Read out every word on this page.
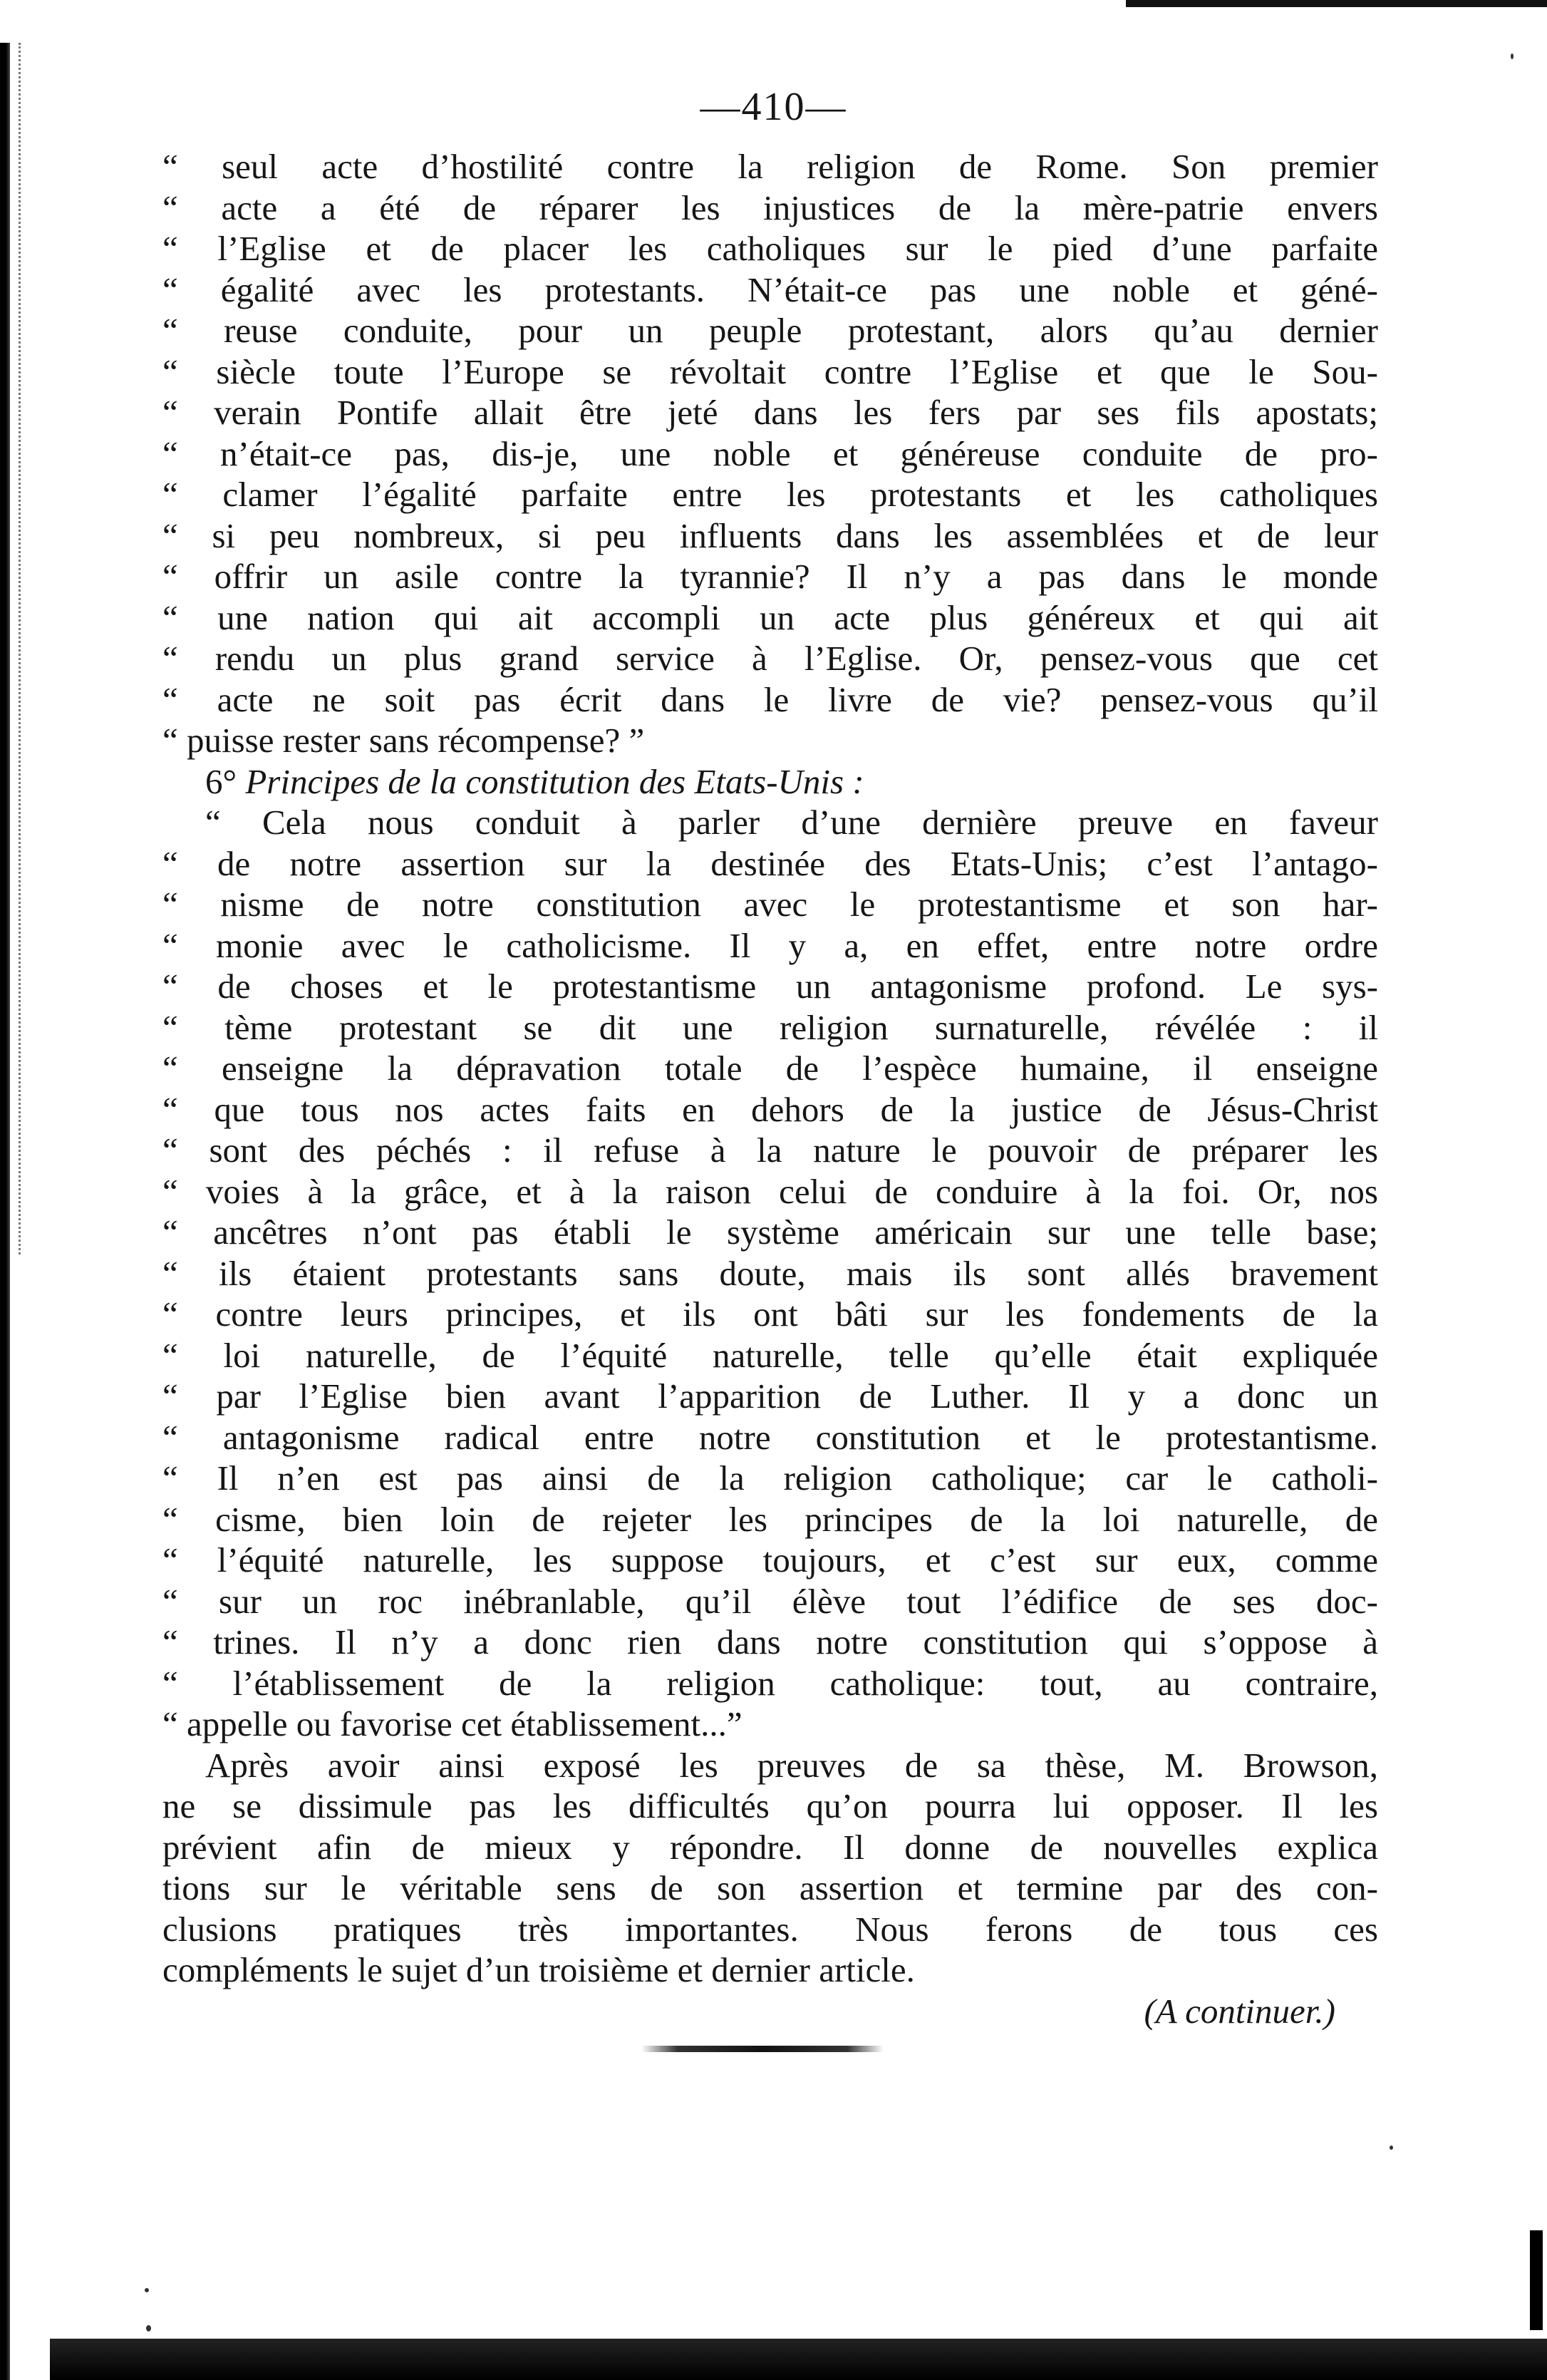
—410—
“ seul acte d’hostilité contre la religion de Rome. Son premier
“ acte a été de réparer les injustices de la mère-patrie envers
“ l’Eglise et de placer les catholiques sur le pied d’une parfaite
“ égalité avec les protestants. N’était-ce pas une noble et géné-
“ reuse conduite, pour un peuple protestant, alors qu’au dernier
“ siècle toute l’Europe se révoltait contre l’Eglise et que le Sou-
“ verain Pontife allait être jeté dans les fers par ses fils apostats;
“ n’était-ce pas, dis-je, une noble et généreuse conduite de pro-
“ clamer l’égalité parfaite entre les protestants et les catholiques
“ si peu nombreux, si peu influents dans les assemblées et de leur
“ offrir un asile contre la tyrannie? Il n’y a pas dans le monde
“ une nation qui ait accompli un acte plus généreux et qui ait
“ rendu un plus grand service à l’Eglise. Or, pensez-vous que cet
“ acte ne soit pas écrit dans le livre de vie? pensez-vous qu’il
“ puisse rester sans récompense? ”
6° Principes de la constitution des Etats-Unis :
“ Cela nous conduit à parler d’une dernière preuve en faveur
“ de notre assertion sur la destinée des Etats-Unis; c’est l’antago-
“ nisme de notre constitution avec le protestantisme et son har-
“ monie avec le catholicisme. Il y a, en effet, entre notre ordre
“ de choses et le protestantisme un antagonisme profond. Le sys-
“ tème protestant se dit une religion surnaturelle, révélée : il
“ enseigne la dépravation totale de l’espèce humaine, il enseigne
“ que tous nos actes faits en dehors de la justice de Jésus-Christ
“ sont des péchés : il refuse à la nature le pouvoir de préparer les
“ voies à la grâce, et à la raison celui de conduire à la foi. Or, nos
“ ancêtres n’ont pas établi le système américain sur une telle base;
“ ils étaient protestants sans doute, mais ils sont allés bravement
“ contre leurs principes, et ils ont bâti sur les fondements de la
“ loi naturelle, de l’équité naturelle, telle qu’elle était expliquée
“ par l’Eglise bien avant l’apparition de Luther. Il y a donc un
“ antagonisme radical entre notre constitution et le protestantisme.
“ Il n’en est pas ainsi de la religion catholique; car le catholi-
“ cisme, bien loin de rejeter les principes de la loi naturelle, de
“ l’équité naturelle, les suppose toujours, et c’est sur eux, comme
“ sur un roc inébranlable, qu’il élève tout l’édifice de ses doc-
“ trines. Il n’y a donc rien dans notre constitution qui s’oppose à
“ l’établissement de la religion catholique: tout, au contraire,
“ appelle ou favorise cet établissement...”
Après avoir ainsi exposé les preuves de sa thèse, M. Browson,
ne se dissimule pas les difficultés qu’on pourra lui opposer. Il les
prévient afin de mieux y répondre. Il donne de nouvelles explica
tions sur le véritable sens de son assertion et termine par des con-
clusions pratiques très importantes. Nous ferons de tous ces
compléments le sujet d’un troisième et dernier article.
(A continuer.)
